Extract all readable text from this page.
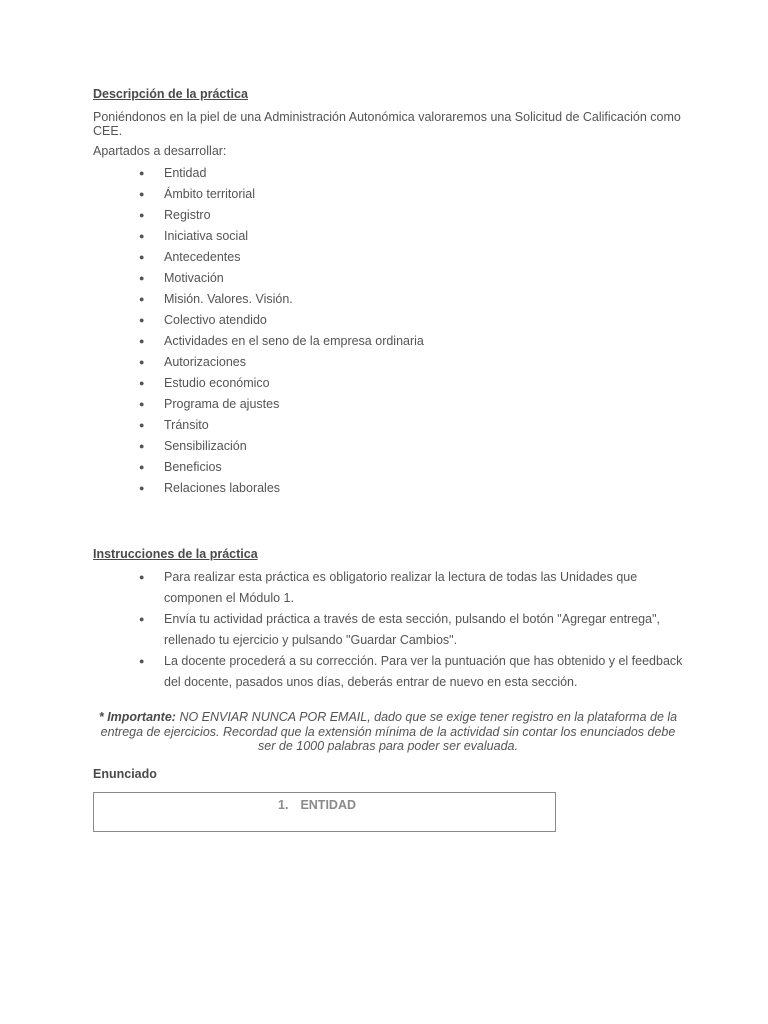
Descripción de la práctica

Poniéndonos en la piel de una Administración Autonómica valoraremos una Solicitud de Calificación como CEE.

Apartados a desarrollar:

● Entidad
● Ámbito territorial
● Registro
● Iniciativa social
● Antecedentes
● Motivación
● Misión. Valores. Visión.
● Colectivo atendido
● Actividades en el seno de la empresa ordinaria
● Autorizaciones
● Estudio económico
● Programa de ajustes
● Tránsito
● Sensibilización
● Beneficios
● Relaciones laborales

Instrucciones de la práctica

● Para realizar esta práctica es obligatorio realizar la lectura de todas las Unidades que componen el Módulo 1.
● Envía tu actividad práctica a través de esta sección, pulsando el botón "Agregar entrega", rellenado tu ejercicio y pulsando "Guardar Cambios".
● La docente procederá a su corrección. Para ver la puntuación que has obtenido y el feedback del docente, pasados unos días, deberás entrar de nuevo en esta sección.

* Importante: NO ENVIAR NUNCA POR EMAIL, dado que se exige tener registro en la plataforma de la entrega de ejercicios. Recordad que la extensión mínima de la actividad sin contar los enunciados debe ser de 1000 palabras para poder ser evaluada.

Enunciado

1. ENTIDAD
